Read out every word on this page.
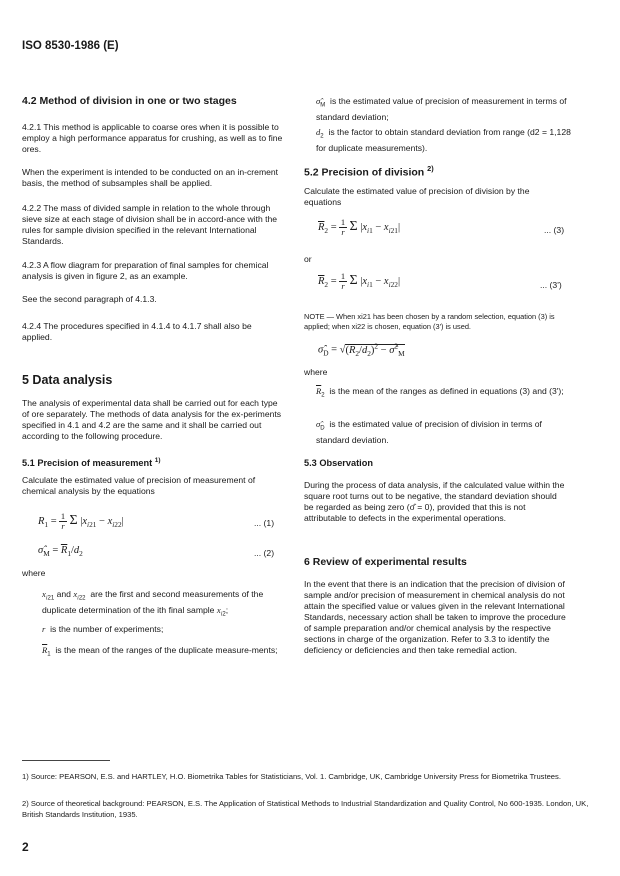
ISO 8530-1986 (E)
4.2 Method of division in one or two stages
4.2.1 This method is applicable to coarse ores when it is possible to employ a high performance apparatus for crushing, as well as to fine ores.
When the experiment is intended to be conducted on an in-crement basis, the method of subsamples shall be applied.
4.2.2 The mass of divided sample in relation to the whole through sieve size at each stage of division shall be in accord-ance with the rules for sample division specified in the relevant International Standards.
4.2.3 A flow diagram for preparation of final samples for chemical analysis is given in figure 2, as an example.
See the second paragraph of 4.1.3.
4.2.4 The procedures specified in 4.1.4 to 4.1.7 shall also be applied.
5 Data analysis
The analysis of experimental data shall be carried out for each type of ore separately. The methods of data analysis for the ex-periments specified in 4.1 and 4.2 are the same and it shall be carried out according to the following procedure.
5.1 Precision of measurement $^{1)}$
Calculate the estimated value of precision of measurement of chemical analysis by the equations
$R_1 = 1$

r Σ $|x_{i21} - x_{i22}|$	... (1)
$\sigmâ_M = \overline{R}_1/d_2$	... (2)
where
$x_{i21}$ and $x_{i22}$ are the first and second measurements of the duplicate determination of the ith final sample $x_{i2}$;
r is the number of experiments;
$\overline{R}_1$ is the mean of the ranges of the duplicate measure-ments;
$\sigmâ_M$ is the estimated value of precision of measurement in terms of standard deviation;
$d_2$ is the factor to obtain standard deviation from range (d2 = 1,128 for duplicate measurements).
5.2 Precision of division $^{2)}$
Calculate the estimated value of precision of division by the equations
$\overline{R}_2 = 1$

r Σ $|x_{i1} - x_{i21}|$	... (3)
or
$\overline{R}_2 = 1$

r Σ $|x_{i1} - x_{i22}|$	... (3')
NOTE — When xi21 has been chosen by a random selection, equation (3) is applied; when xi22 is chosen, equation (3') is used.
$\sigmâ_D = √(\overline{R}_2/d_2)^2$ − σ̂$^2_M$
where
$\overline{R}_2$ is the mean of the ranges as defined in equations (3) and (3');
$\sigmâ_D$ is the estimated value of precision of division in terms of standard deviation.
5.3 Observation
During the process of data analysis, if the calculated value within the square root turns out to be negative, the standard deviation should be regarded as being zero (σ̂ = 0), provided that this is not attributable to defects in the experimental operations.
6 Review of experimental results
In the event that there is an indication that the precision of division of sample and/or precision of measurement in chemical analysis do not attain the specified value or values given in the relevant International Standards, necessary action shall be taken to improve the procedure of sample preparation and/or chemical analysis by the respective sections in charge of the organization. Refer to 3.3 to identify the deficiency or deficiencies and then take remedial action.
1) Source: PEARSON, E.S. and HARTLEY, H.O. Biometrika Tables for Statisticians, Vol. 1. Cambridge, UK, Cambridge University Press for Biometrika Trustees.
2) Source of theoretical background: PEARSON, E.S. The Application of Statistical Methods to Industrial Standardization and Quality Control, No 600-1935. London, UK, British Standards Institution, 1935.
2
